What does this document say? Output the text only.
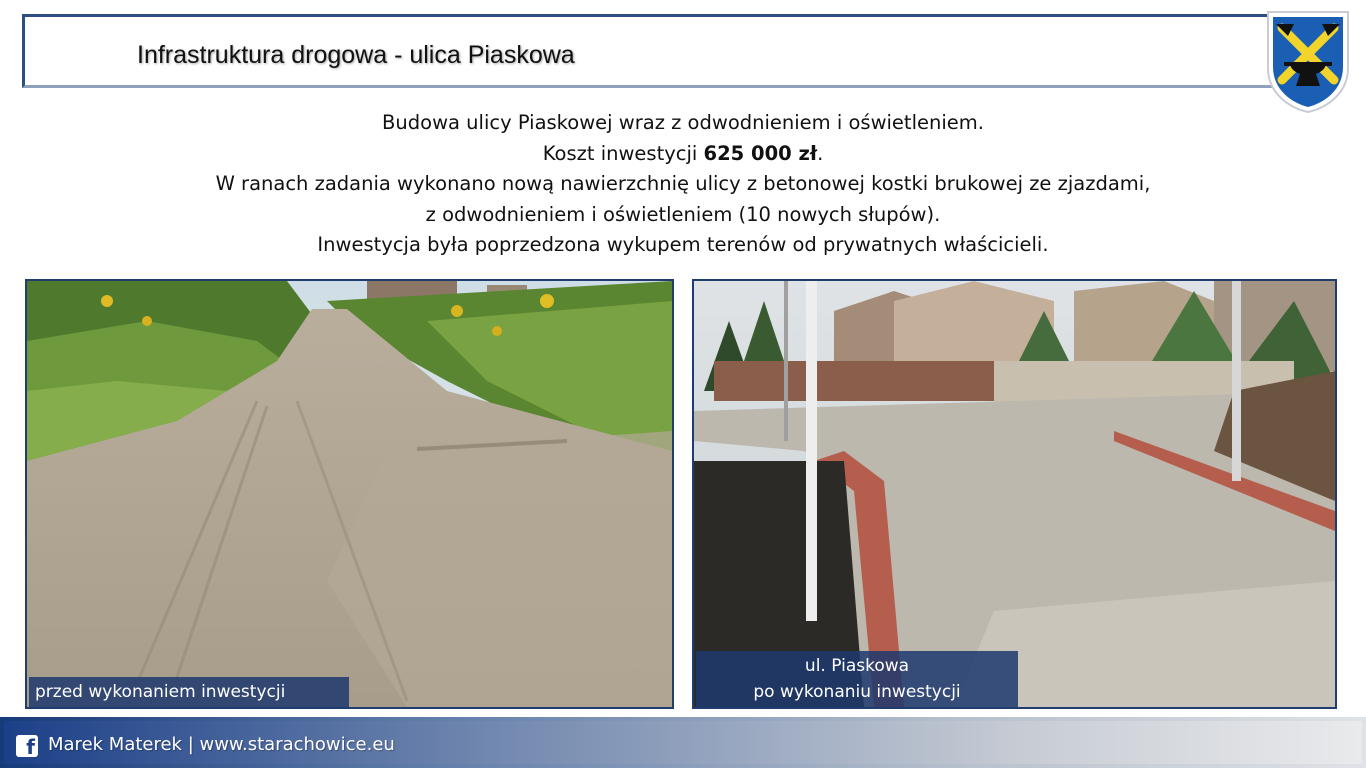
Infrastruktura drogowa - ulica Piaskowa
Budowa ulicy Piaskowej wraz z odwodnieniem i oświetleniem.
Koszt inwestycji 625 000 zł.
W ranach zadania wykonano nową nawierzchnię ulicy z betonowej kostki brukowej ze zjazdami,
z odwodnieniem i oświetleniem (10 nowych słupów).
Inwestycja była poprzedzona wykupem terenów od prywatnych właścicieli.
przed wykonaniem inwestycji
ul. Piaskowa
po wykonaniu inwestycji
f Marek Materek | www.starachowice.eu
